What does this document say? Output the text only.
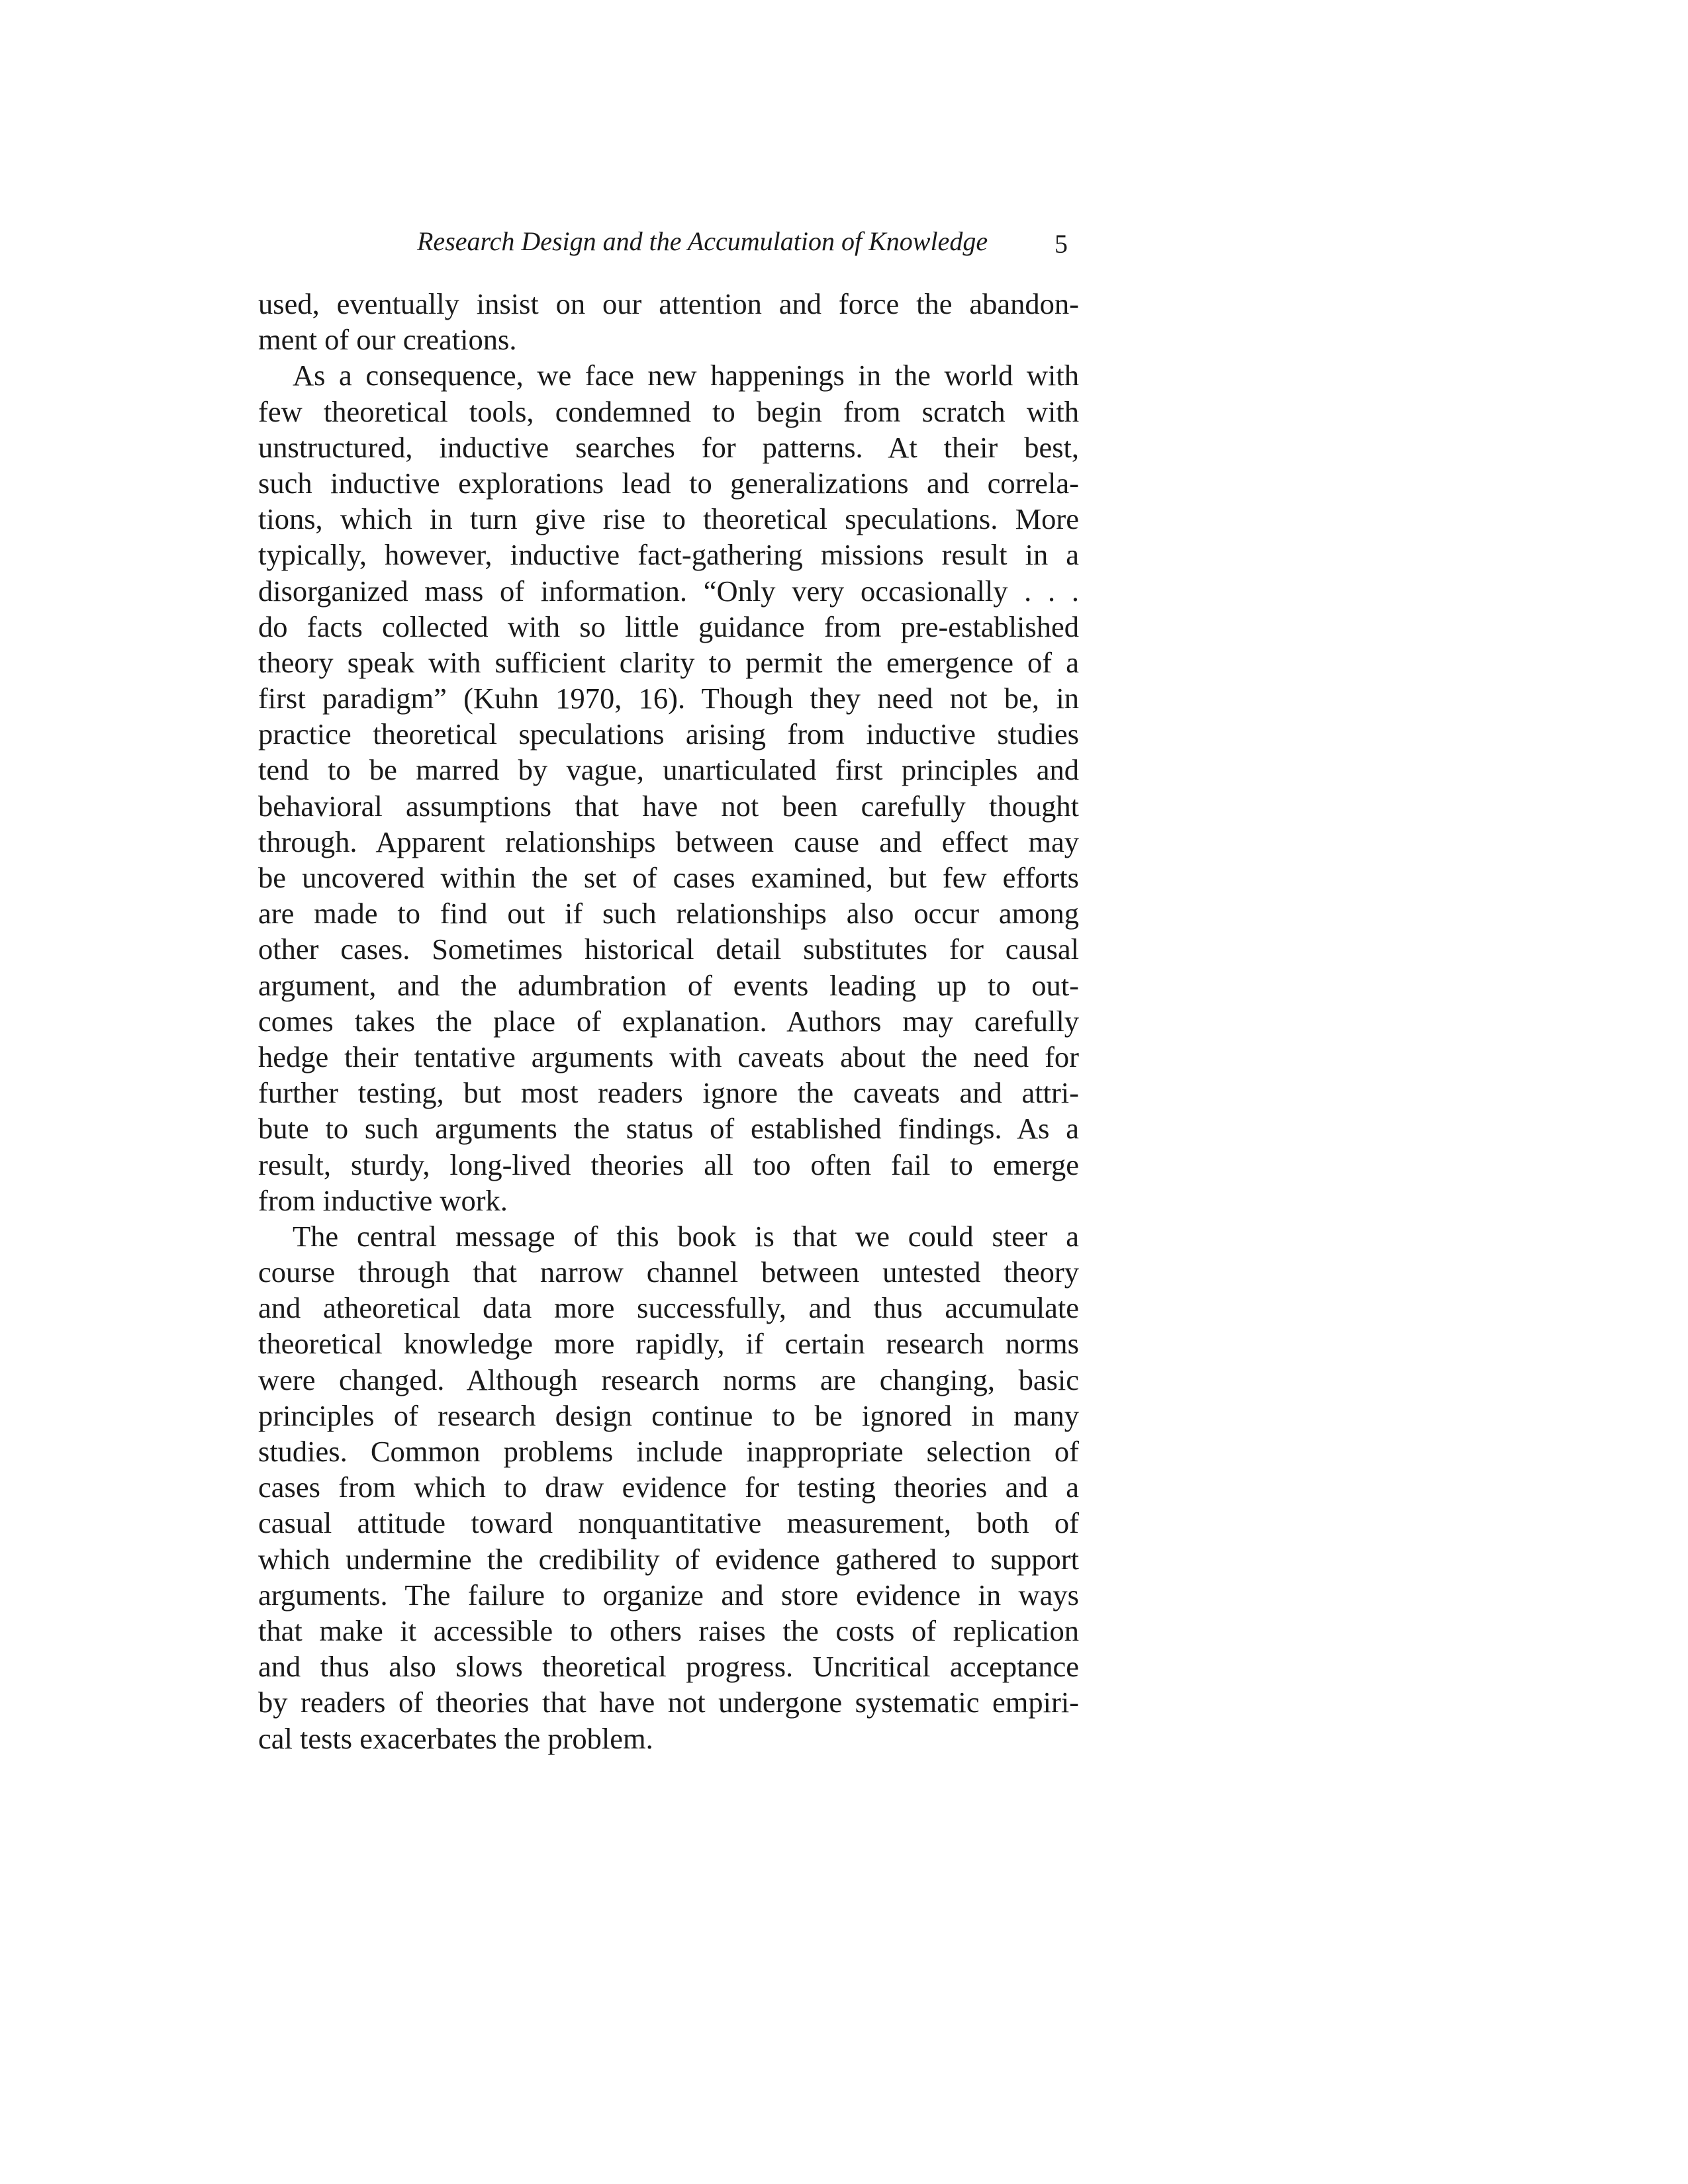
Research Design and the Accumulation of Knowledge	5
used, eventually insist on our attention and force the abandon-
ment of our creations.
As a consequence, we face new happenings in the world with
few theoretical tools, condemned to begin from scratch with
unstructured, inductive searches for patterns. At their best,
such inductive explorations lead to generalizations and correla-
tions, which in turn give rise to theoretical speculations. More
typically, however, inductive fact-gathering missions result in a
disorganized mass of information. “Only very occasionally . . .
do facts collected with so little guidance from pre-established
theory speak with sufficient clarity to permit the emergence of a
first paradigm” (Kuhn 1970, 16). Though they need not be, in
practice theoretical speculations arising from inductive studies
tend to be marred by vague, unarticulated first principles and
behavioral assumptions that have not been carefully thought
through. Apparent relationships between cause and effect may
be uncovered within the set of cases examined, but few efforts
are made to find out if such relationships also occur among
other cases. Sometimes historical detail substitutes for causal
argument, and the adumbration of events leading up to out-
comes takes the place of explanation. Authors may carefully
hedge their tentative arguments with caveats about the need for
further testing, but most readers ignore the caveats and attri-
bute to such arguments the status of established findings. As a
result, sturdy, long-lived theories all too often fail to emerge
from inductive work.
The central message of this book is that we could steer a
course through that narrow channel between untested theory
and atheoretical data more successfully, and thus accumulate
theoretical knowledge more rapidly, if certain research norms
were changed. Although research norms are changing, basic
principles of research design continue to be ignored in many
studies. Common problems include inappropriate selection of
cases from which to draw evidence for testing theories and a
casual attitude toward nonquantitative measurement, both of
which undermine the credibility of evidence gathered to support
arguments. The failure to organize and store evidence in ways
that make it accessible to others raises the costs of replication
and thus also slows theoretical progress. Uncritical acceptance
by readers of theories that have not undergone systematic empiri-
cal tests exacerbates the problem.
